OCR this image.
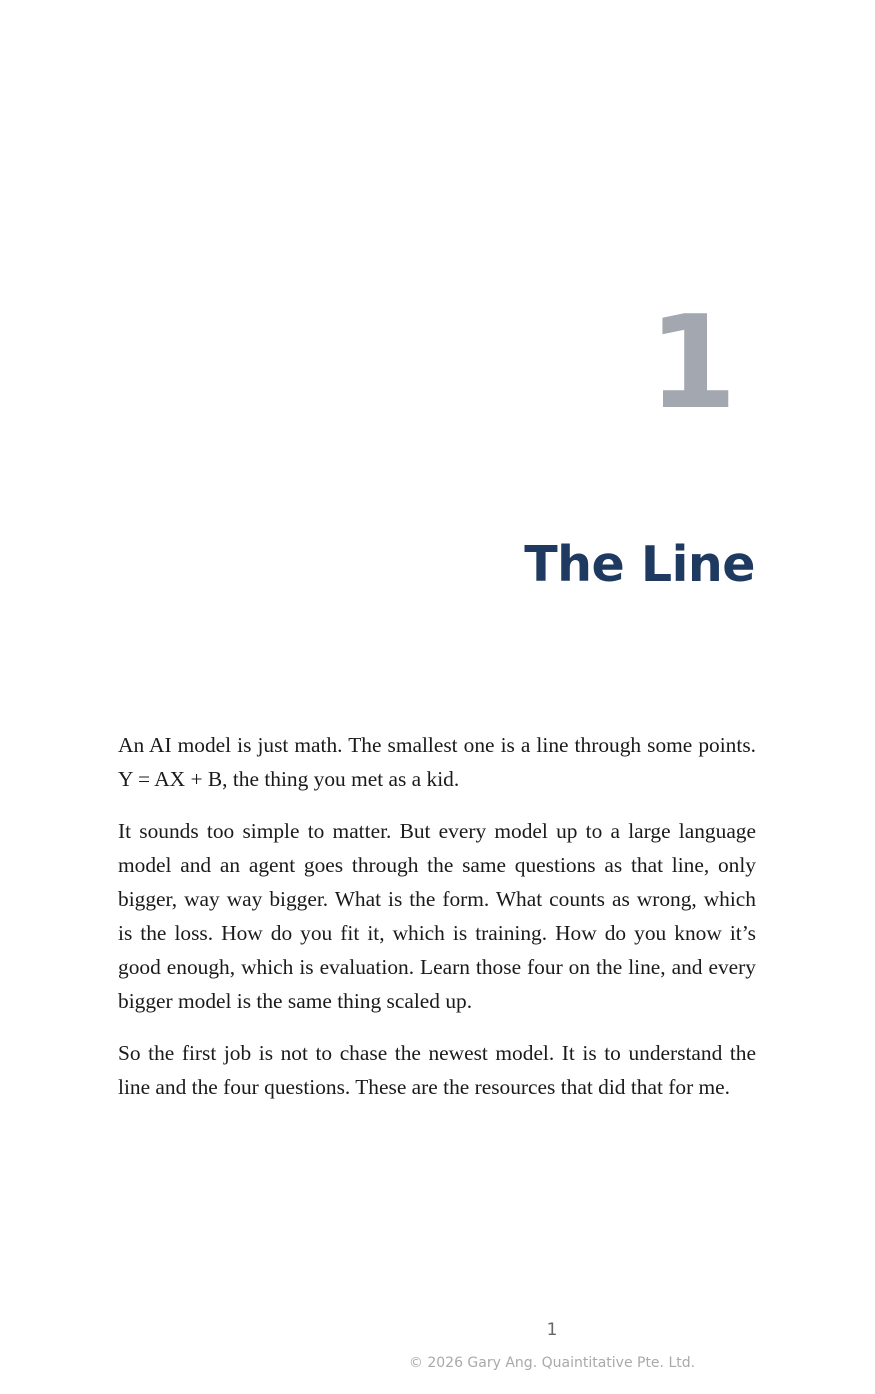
1
The Line

An AI model is just math. The smallest one is a line through some points. Y = AX + B, the thing you met as a kid.

It sounds too simple to matter. But every model up to a large language model and an agent goes through the same questions as that line, only bigger, way way bigger. What is the form. What counts as wrong, which is the loss. How do you fit it, which is training. How do you know it’s good enough, which is evaluation. Learn those four on the line, and every bigger model is the same thing scaled up.

So the first job is not to chase the newest model. It is to understand the line and the four questions. These are the resources that did that for me.

1
© 2026 Gary Ang. Quaintitative Pte. Ltd.
